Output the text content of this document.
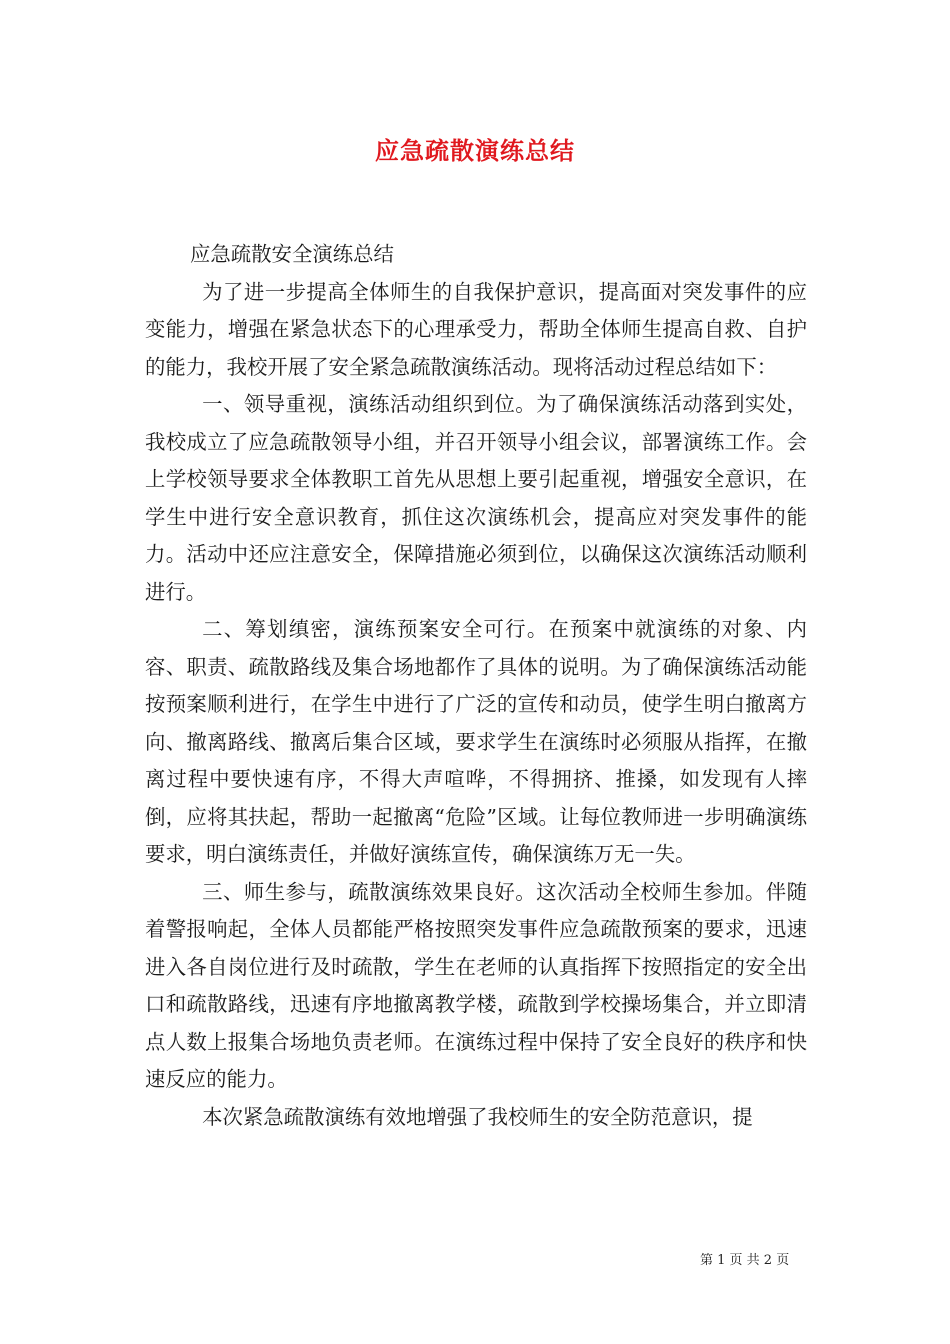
应急疏散演练总结

应急疏散安全演练总结

为了进一步提高全体师生的自我保护意识，提高面对突发事件的应变能力，增强在紧急状态下的心理承受力，帮助全体师生提高自救、自护的能力，我校开展了安全紧急疏散演练活动。现将活动过程总结如下：

一、领导重视，演练活动组织到位。为了确保演练活动落到实处，我校成立了应急疏散领导小组，并召开领导小组会议，部署演练工作。会上学校领导要求全体教职工首先从思想上要引起重视，增强安全意识，在学生中进行安全意识教育，抓住这次演练机会，提高应对突发事件的能力。活动中还应注意安全，保障措施必须到位，以确保这次演练活动顺利进行。

二、筹划缜密，演练预案安全可行。在预案中就演练的对象、内容、职责、疏散路线及集合场地都作了具体的说明。为了确保演练活动能按预案顺利进行，在学生中进行了广泛的宣传和动员，使学生明白撤离方向、撤离路线、撤离后集合区域，要求学生在演练时必须服从指挥，在撤离过程中要快速有序，不得大声喧哗，不得拥挤、推搡，如发现有人摔倒，应将其扶起，帮助一起撤离“危险”区域。让每位教师进一步明确演练要求，明白演练责任，并做好演练宣传，确保演练万无一失。

三、师生参与，疏散演练效果良好。这次活动全校师生参加。伴随着警报响起，全体人员都能严格按照突发事件应急疏散预案的要求，迅速进入各自岗位进行及时疏散，学生在老师的认真指挥下按照指定的安全出口和疏散路线，迅速有序地撤离教学楼，疏散到学校操场集合，并立即清点人数上报集合场地负责老师。在演练过程中保持了安全良好的秩序和快速反应的能力。

本次紧急疏散演练有效地增强了我校师生的安全防范意识，提

第 1 页 共 2 页
